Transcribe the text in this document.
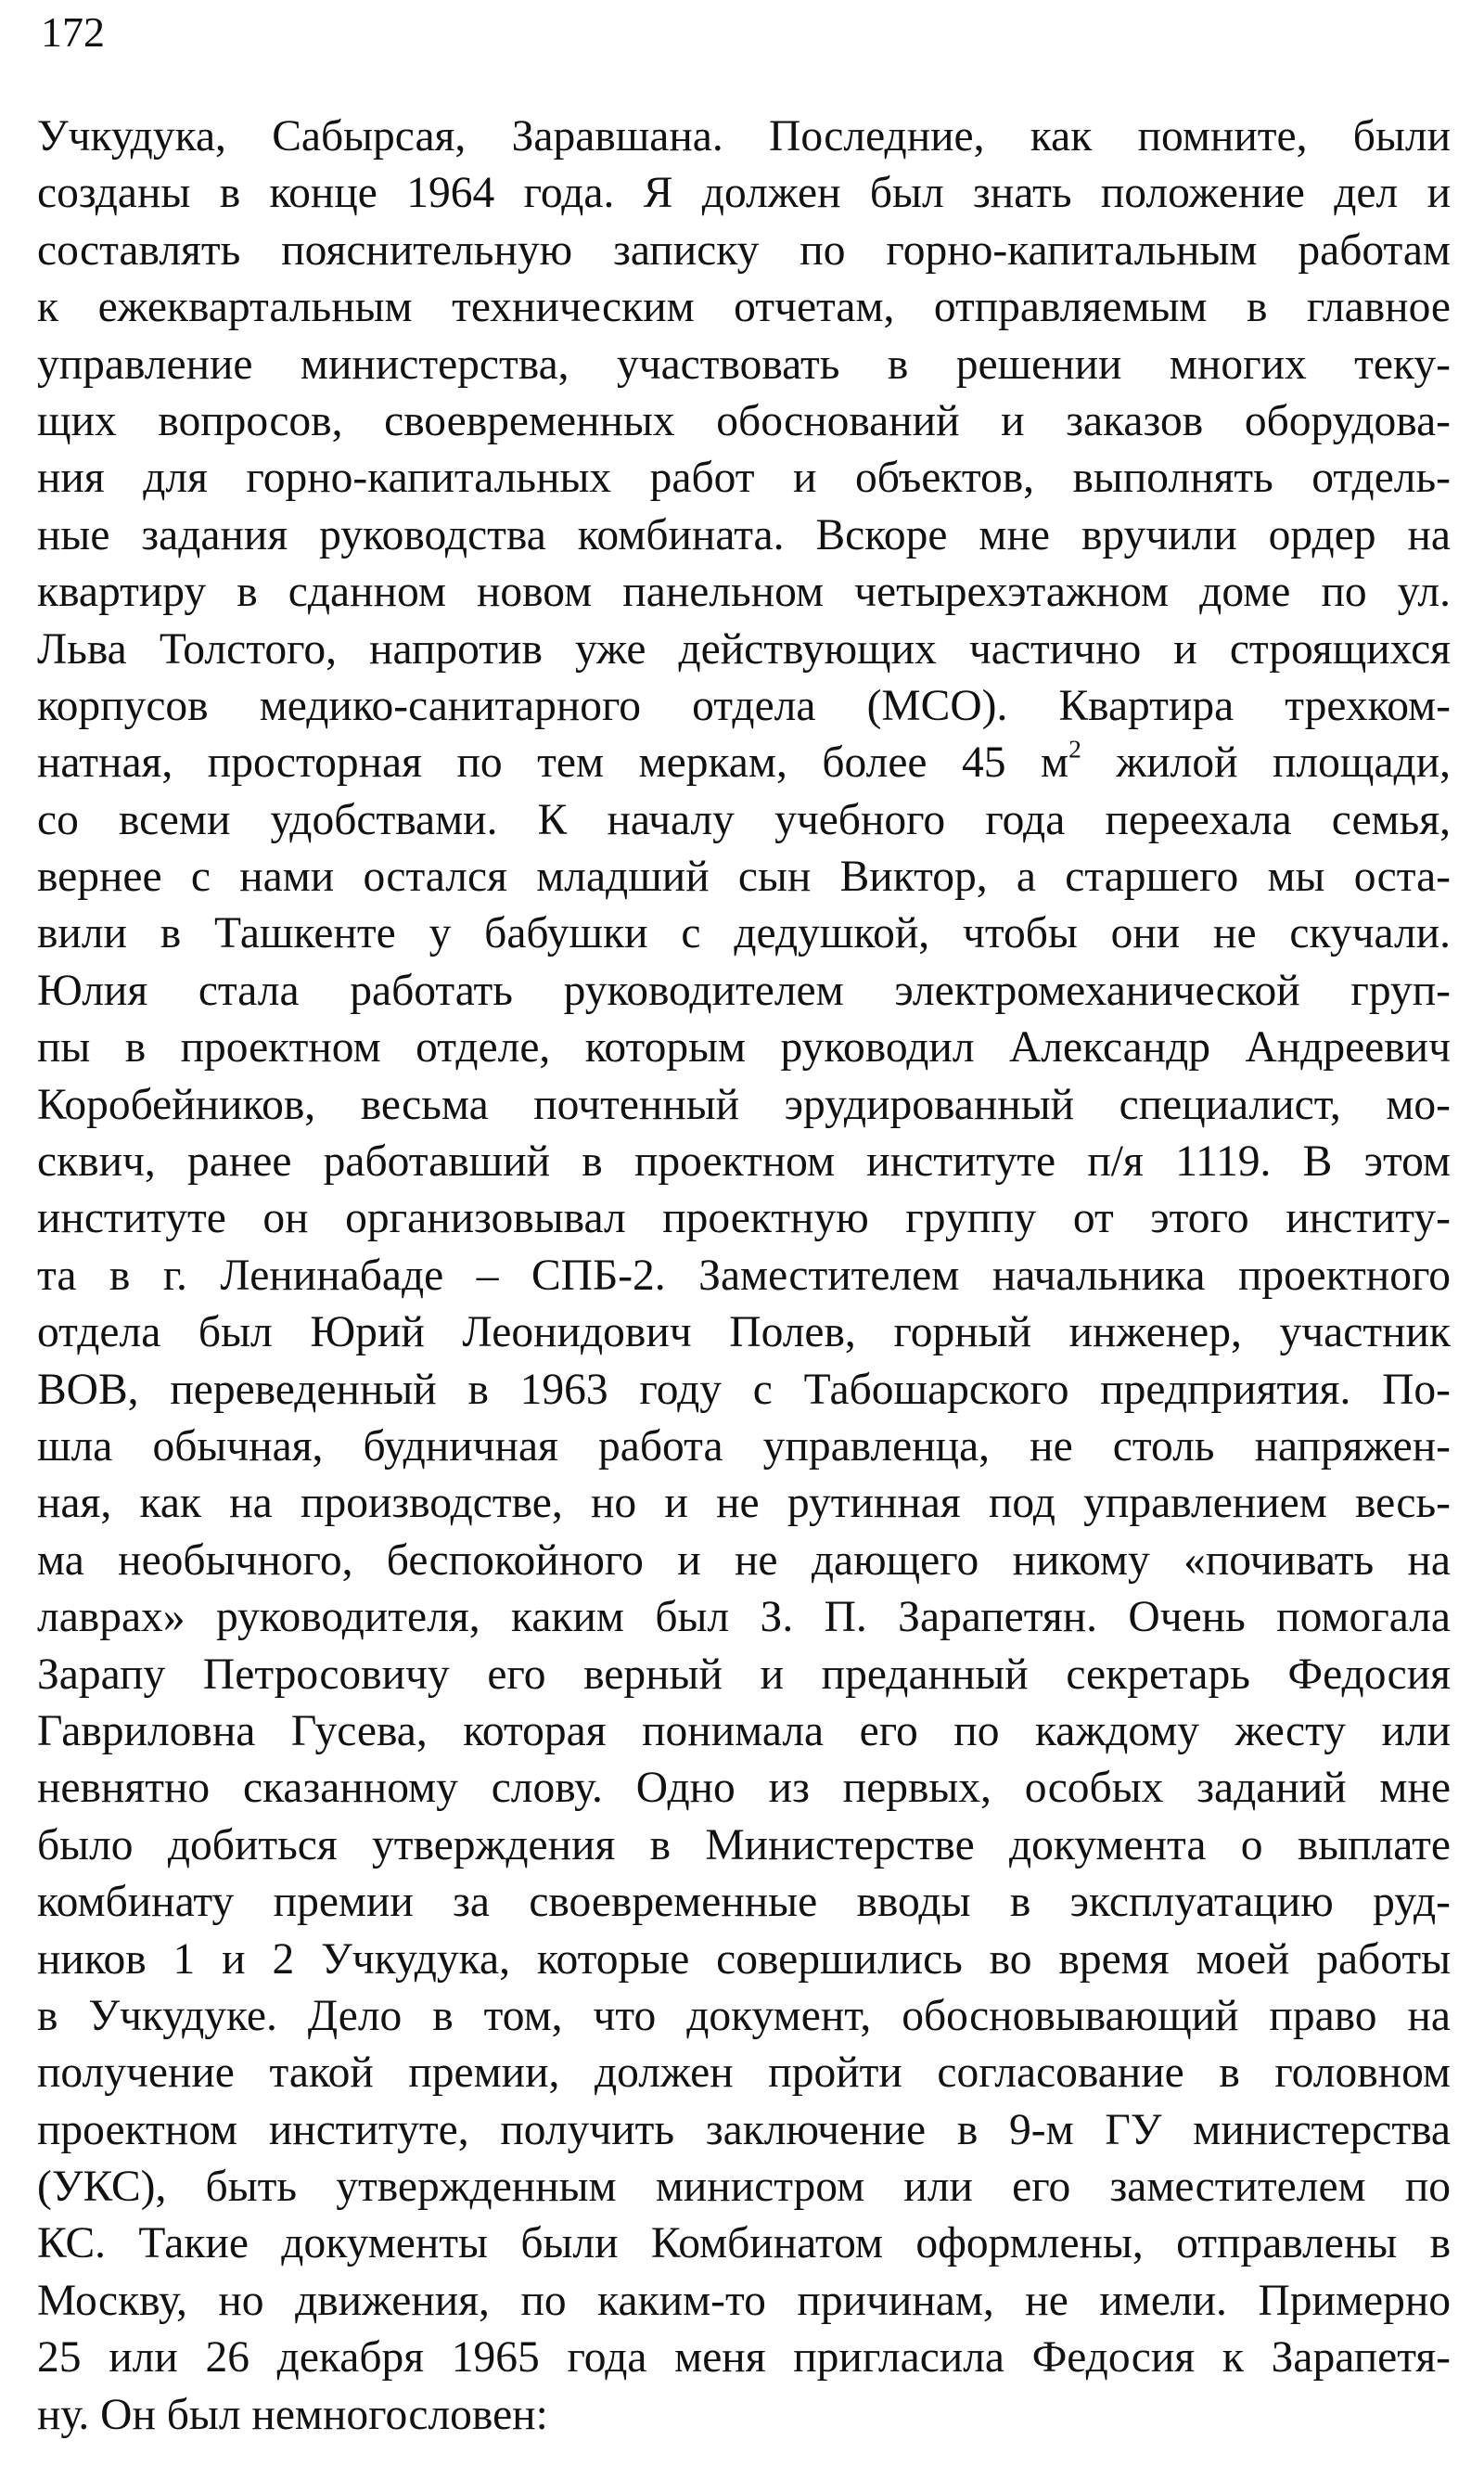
172
Учкудука, Сабырсая, Заравшана. Последние, как помните, были
созданы в конце 1964 года. Я должен был знать положение дел и
составлять пояснительную записку по горно-капитальным работам
к ежеквартальным техническим отчетам, отправляемым в главное
управление министерства, участвовать в решении многих теку-
щих вопросов, своевременных обоснований и заказов оборудова-
ния для горно-капитальных работ и объектов, выполнять отдель-
ные задания руководства комбината. Вскоре мне вручили ордер на
квартиру в сданном новом панельном четырехэтажном доме по ул.
Льва Толстого, напротив уже действующих частично и строящихся
корпусов медико-санитарного отдела (МСО). Квартира трехком-
натная, просторная по тем меркам, более 45 $м^2$ жилой площади,
со всеми удобствами. К началу учебного года переехала семья,
вернее с нами остался младший сын Виктор, а старшего мы оста-
вили в Ташкенте у бабушки с дедушкой, чтобы они не скучали.
Юлия стала работать руководителем электромеханической груп-
пы в проектном отделе, которым руководил Александр Андреевич
Коробейников, весьма почтенный эрудированный специалист, мо-
сквич, ранее работавший в проектном институте п/я 1119. В этом
институте он организовывал проектную группу от этого институ-
та в г. Ленинабаде – СПБ-2. Заместителем начальника проектного
отдела был Юрий Леонидович Полев, горный инженер, участник
ВОВ, переведенный в 1963 году с Табошарского предприятия. По-
шла обычная, будничная работа управленца, не столь напряжен-
ная, как на производстве, но и не рутинная под управлением весь-
ма необычного, беспокойного и не дающего никому «почивать на
лаврах» руководителя, каким был З. П. Зарапетян. Очень помогала
Зарапу Петросовичу его верный и преданный секретарь Федосия
Гавриловна Гусева, которая понимала его по каждому жесту или
невнятно сказанному слову. Одно из первых, особых заданий мне
было добиться утверждения в Министерстве документа о выплате
комбинату премии за своевременные вводы в эксплуатацию руд-
ников 1 и 2 Учкудука, которые совершились во время моей работы
в Учкудуке. Дело в том, что документ, обосновывающий право на
получение такой премии, должен пройти согласование в головном
проектном институте, получить заключение в 9-м ГУ министерства
(УКС), быть утвержденным министром или его заместителем по
КС. Такие документы были Комбинатом оформлены, отправлены в
Москву, но движения, по каким-то причинам, не имели. Примерно
25 или 26 декабря 1965 года меня пригласила Федосия к Зарапетя-
ну. Он был немногословен:
